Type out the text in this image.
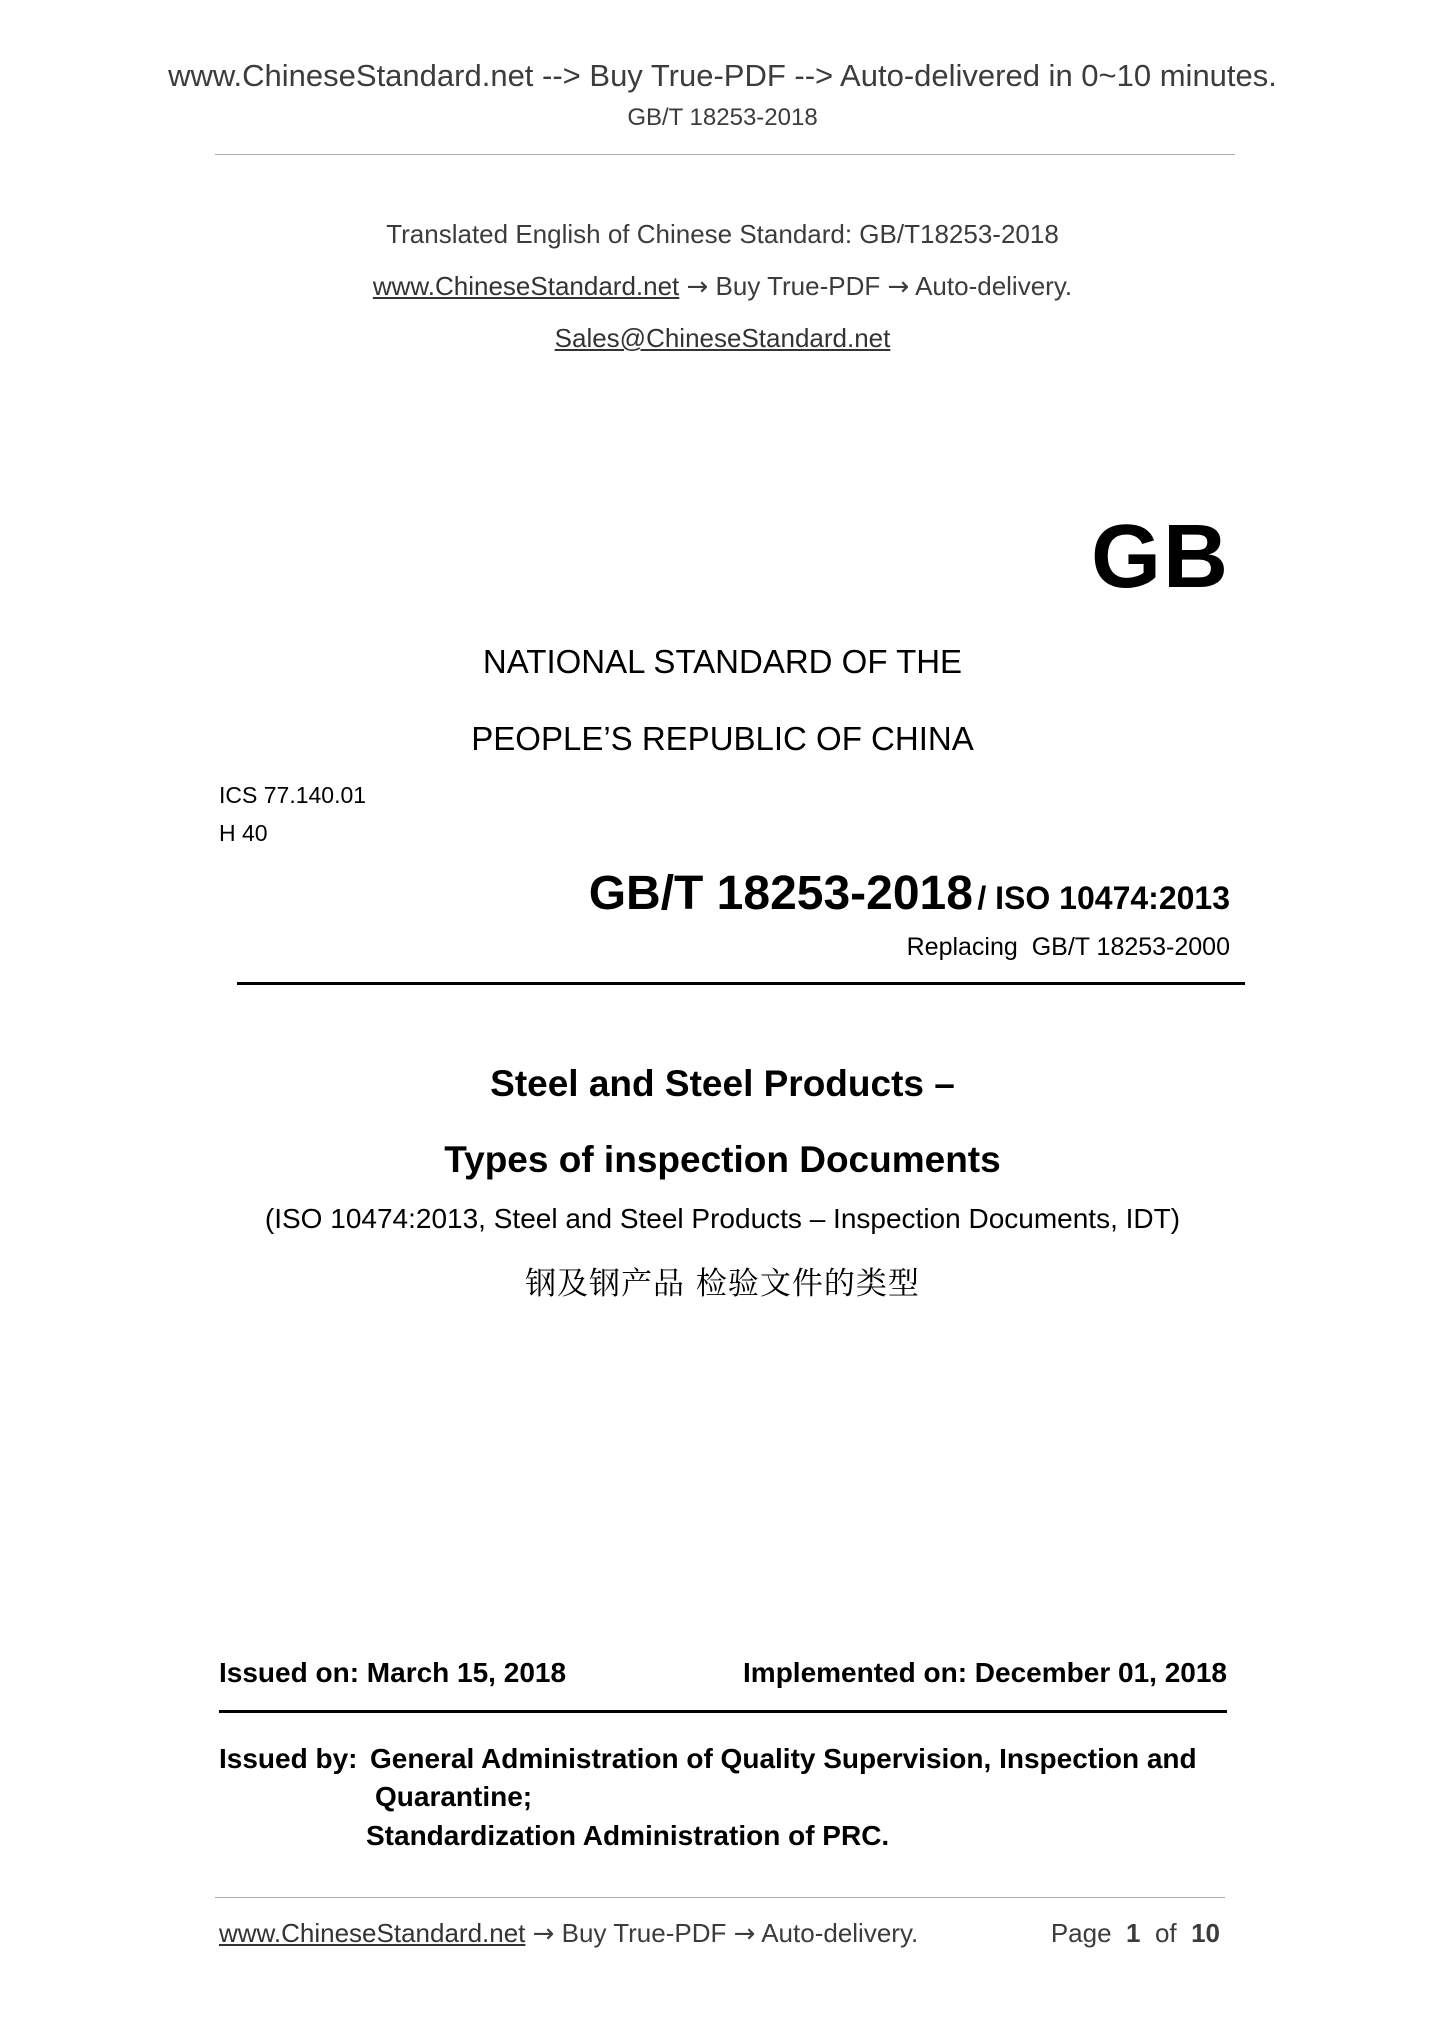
www.ChineseStandard.net --> Buy True-PDF --> Auto-delivered in 0~10 minutes.
GB/T 18253-2018
Translated English of Chinese Standard: GB/T18253-2018
www.ChineseStandard.net → Buy True-PDF → Auto-delivery.
Sales@ChineseStandard.net
GB
NATIONAL STANDARD OF THE
PEOPLE’S REPUBLIC OF CHINA
ICS 77.140.01
H 40
GB/T 18253-2018 / ISO 10474:2013
Replacing GB/T 18253-2000
Steel and Steel Products –
Types of inspection Documents
(ISO 10474:2013, Steel and Steel Products – Inspection Documents, IDT)
钢及钢产品 检验文件的类型
Issued on: March 15, 2018	Implemented on: December 01, 2018
Issued by: General Administration of Quality Supervision, Inspection and
Quarantine;
Standardization Administration of PRC.
www.ChineseStandard.net → Buy True-PDF → Auto-delivery.	Page 1 of 10
